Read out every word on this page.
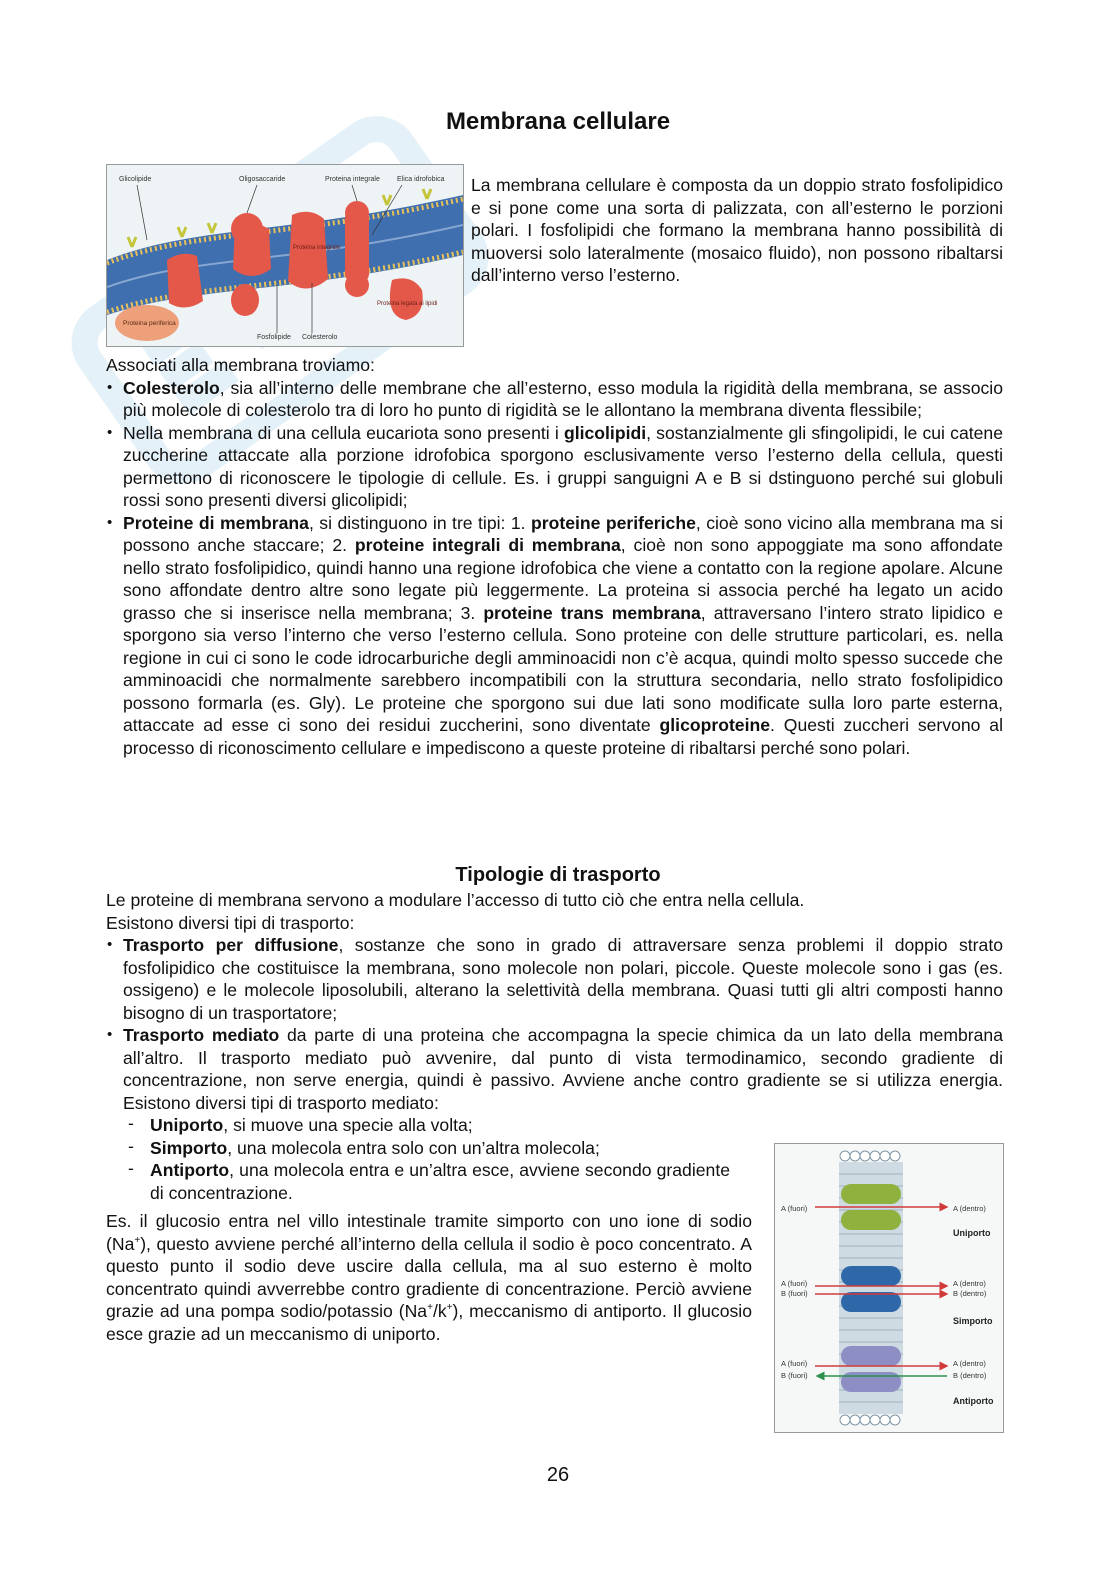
Membrana cellulare
Glicolipide	Oligosaccaride	Proteina integrale Elica idrofobica
Proteina integrale
Proteina periferica
Fosfolipide Colesterolo
Proteina legata ai lipidi
La membrana cellulare è composta da un doppio strato fosfolipidico e si pone come una sorta di palizzata, con all’esterno le porzioni polari. I fosfolipidi che formano la membrana hanno possibilità di muoversi solo lateralmente (mosaico fluido), non possono ribaltarsi dall’interno verso l’esterno.

Associati alla membrana troviamo:

• Colesterolo, sia all’interno delle membrane che all’esterno, esso modula la rigidità della membrana, se associo più molecole di colesterolo tra di loro ho punto di rigidità se le allontano la membrana diventa flessibile;
• Nella membrana di una cellula eucariota sono presenti i glicolipidi, sostanzialmente gli sfingolipidi, le cui catene zuccherine attaccate alla porzione idrofobica sporgono esclusivamente verso l’esterno della cellula, questi permettono di riconoscere le tipologie di cellule. Es. i gruppi sanguigni A e B si dstinguono perché sui globuli rossi sono presenti diversi glicolipidi;
• Proteine di membrana, si distinguono in tre tipi: 1. proteine periferiche, cioè sono vicino alla membrana ma si possono anche staccare; 2. proteine integrali di membrana, cioè non sono appoggiate ma sono affondate nello strato fosfolipidico, quindi hanno una regione idrofobica che viene a contatto con la regione apolare. Alcune sono affondate dentro altre sono legate più leggermente. La proteina si associa perché ha legato un acido grasso che si inserisce nella membrana; 3. proteine trans membrana, attraversano l’intero strato lipidico e sporgono sia verso l’interno che verso l’esterno cellula. Sono proteine con delle strutture particolari, es. nella regione in cui ci sono le code idrocarburiche degli amminoacidi non c’è acqua, quindi molto spesso succede che amminoacidi che normalmente sarebbero incompatibili con la struttura secondaria, nello strato fosfolipidico possono formarla (es. Gly). Le proteine che sporgono sui due lati sono modificate sulla loro parte esterna, attaccate ad esse ci sono dei residui zuccherini, sono diventate glicoproteine. Questi zuccheri servono al processo di riconoscimento cellulare e impediscono a queste proteine di ribaltarsi perché sono polari.
Tipologie di trasporto

Le proteine di membrana servono a modulare l’accesso di tutto ciò che entra nella cellula.

Esistono diversi tipi di trasporto:

• Trasporto per diffusione, sostanze che sono in grado di attraversare senza problemi il doppio strato fosfolipidico che costituisce la membrana, sono molecole non polari, piccole. Queste molecole sono i gas (es. ossigeno) e le molecole liposolubili, alterano la selettività della membrana. Quasi tutti gli altri composti hanno bisogno di un trasportatore;
• Trasporto mediato da parte di una proteina che accompagna la specie chimica da un lato della membrana all’altro. Il trasporto mediato può avvenire, dal punto di vista termodinamico, secondo gradiente di concentrazione, non serve energia, quindi è passivo. Avviene anche contro gradiente se si utilizza energia. Esistono diversi tipi di trasporto mediato:
- Uniporto, si muove una specie alla volta;
- Simporto, una molecola entra solo con un’altra molecola;
- Antiporto, una molecola entra e un’altra esce, avviene secondo gradiente di concentrazione.
Es. il glucosio entra nel villo intestinale tramite simporto con uno ione di sodio (Na+), questo avviene perché all’interno della cellula il sodio è poco concentrato. A questo punto il sodio deve uscire dalla cellula, ma al suo esterno è molto concentrato quindi avverrebbe contro gradiente di concentrazione. Perciò avviene grazie ad una pompa sodio/potassio (Na+/k+), meccanismo di antiporto. Il glucosio esce grazie ad un meccanismo di uniporto.
A (fuori)	A (dentro)
A (fuori)
B (fuori)
A (dentro)
B (dentro)
A (fuori)
B (fuori)
A (dentro)
B (dentro)
Uniporto
Simporto
Antiporto
26
